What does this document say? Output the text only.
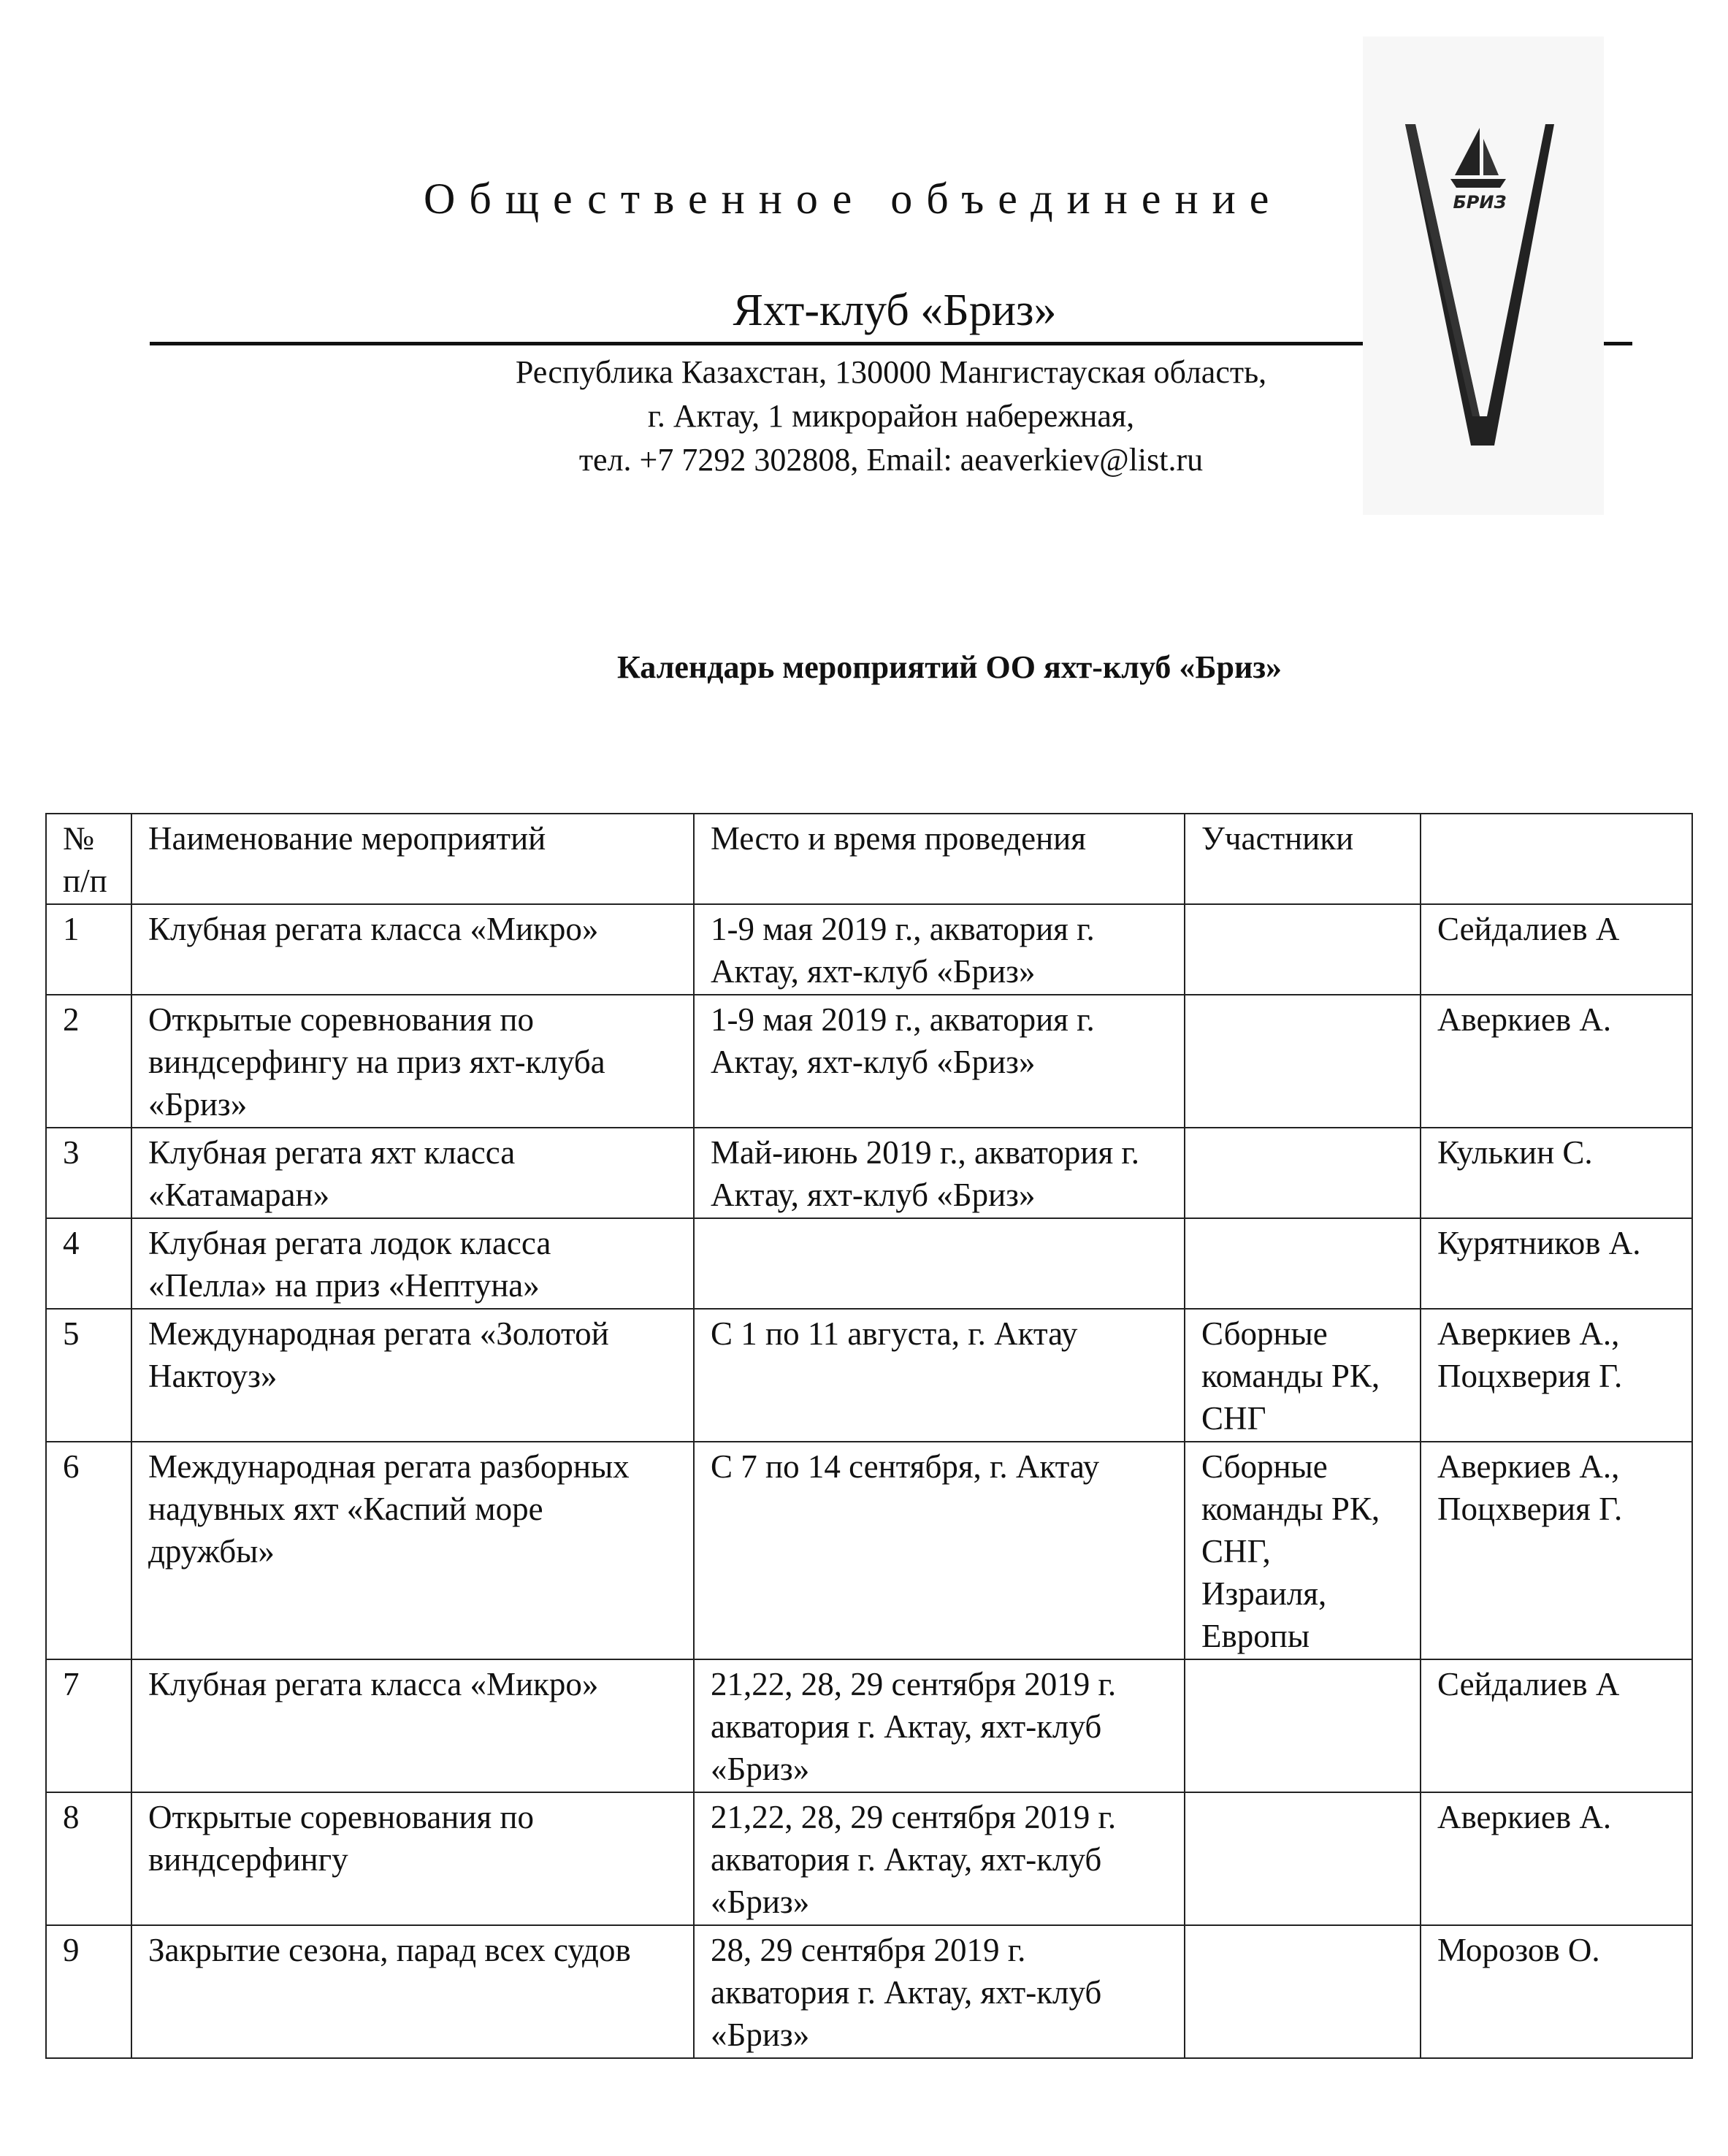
Общественное объединение
Яхт-клуб «Бриз»
Республика Казахстан, 130000 Мангистауская область,
г. Актау, 1 микрорайон набережная,
тел. +7 7292 302808, Email: aeaverkiev@list.ru
БРИЗ
Календарь мероприятий ОО яхт-клуб «Бриз»
№ п/п	Наименование мероприятий	Место и время проведения	Участники	
1	Клубная регата класса «Микро»	1-9 мая 2019 г., акватория г. Актау, яхт-клуб «Бриз»		Сейдалиев А
2	Открытые соревнования по виндсерфингу на приз яхт-клуба «Бриз»	1-9 мая 2019 г., акватория г. Актау, яхт-клуб «Бриз»		Аверкиев А.
3	Клубная регата яхт класса «Катамаран»	Май-июнь 2019 г., акватория г. Актау, яхт-клуб «Бриз»		Кулькин С.
4	Клубная регата лодок класса «Пелла» на приз «Нептуна»			Курятников А.
5	Международная регата «Золотой Нактоуз»	С 1 по 11 августа, г. Актау	Сборные команды РК, СНГ	Аверкиев А., Поцхверия Г.
6	Международная регата разборных надувных яхт «Каспий море дружбы»	С 7 по 14 сентября, г. Актау	Сборные команды РК, СНГ, Израиля, Европы	Аверкиев А., Поцхверия Г.
7	Клубная регата класса «Микро»	21,22, 28, 29 сентября 2019 г. акватория г. Актау, яхт-клуб «Бриз»		Сейдалиев А
8	Открытые соревнования по виндсерфингу	21,22, 28, 29 сентября 2019 г. акватория г. Актау, яхт-клуб «Бриз»		Аверкиев А.
9	Закрытие сезона, парад всех судов	28, 29 сентября 2019 г. акватория г. Актау, яхт-клуб «Бриз»		Морозов О.
